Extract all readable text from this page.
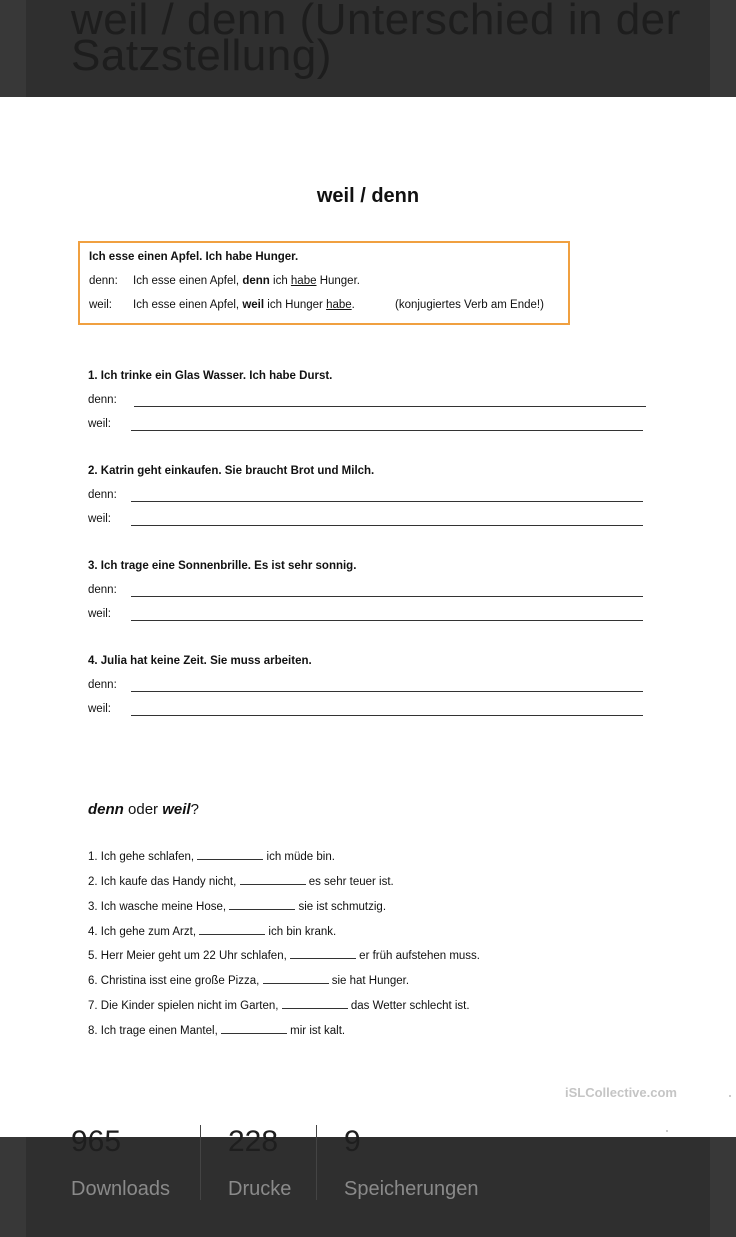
weil / denn (Unterschied in der Satzstellung)
weil / denn
Ich esse einen Apfel. Ich habe Hunger.
denn: Ich esse einen Apfel, denn ich habe Hunger.
weil: Ich esse einen Apfel, weil ich Hunger habe.	(konjugiertes Verb am Ende!)
1. Ich trinke ein Glas Wasser. Ich habe Durst.
denn:
weil:
2. Katrin geht einkaufen. Sie braucht Brot und Milch.
denn:
weil:
3. Ich trage eine Sonnenbrille. Es ist sehr sonnig.
denn:
weil:
4. Julia hat keine Zeit. Sie muss arbeiten.
denn:
weil:
denn oder weil?
1. Ich gehe schlafen,	ich müde bin.
2. Ich kaufe das Handy nicht,	es sehr teuer ist.
3. Ich wasche meine Hose,	sie ist schmutzig.
4. Ich gehe zum Arzt,	ich bin krank.
5. Herr Meier geht um 22 Uhr schlafen,	er früh aufstehen muss.
6. Christina isst eine große Pizza,	sie hat Hunger.
7. Die Kinder spielen nicht im Garten,	das Wetter schlecht ist.
8. Ich trage einen Mantel,	mir ist kalt.
iSLCollective.com
965
Downloads
228
Drucke
9
Speicherungen
